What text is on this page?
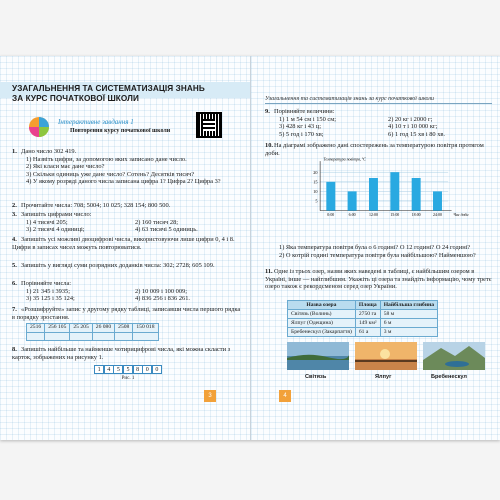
УЗАГАЛЬНЕННЯ ТА СИСТЕМАТИЗАЦІЯ ЗНАНЬ
ЗА КУРС ПОЧАТКОВОЇ ШКОЛИ
Інтерактивне завдання 1
Повторення курсу початкової школи
1. Дано число 302 419.
1) Назвіть цифри, за допомогою яких записано дане число.
2) Які класи має дане число?
3) Скільки одиниць уже дане число? Сотень? Десятків тисяч?
4) У якому розряді даного числа записана цифра 1? Цифра 2? Цифра 3?
2. Прочитайте числа: 708; 5004; 10 025; 328 154; 800 500.
3. Запишіть цифрами число:
1) 4 тисячі 205;	2) 160 тисяч 28;
3) 2 тисячі 4 одиниці;	4) 63 тисячі 5 одиниць.
4. Запишіть усі можливі двоцифрові числа, використовуючи лише цифри 0, 4 і 8. Цифри в записах чисел можуть повторюватися.
5. Запишіть у вигляді суми розрядних доданків числа: 302; 2728; 605 109.
6. Порівняйте числа:
1) 21 345 і 3935;	2) 10 009 і 100 009;
3) 35 125 і 35 124;	4) 836 256 і 836 261.
7. «Розшифруйте» запис у другому рядку таблиці, записавши числа першого рядка в порядку зростання.
2516	256 105	25 205	26 080	2508	150 018

8. Запишіть найбільше та найменше чотирицифрові числа, які можна скласти з карток, зображених на рисунку 1.
1 4 5 5 8 0 0
Рис. 1
3
Узагальнення та систематизація знань за курс початкової школи
9. Порівняйте величини:
1) 1 м 54 см і 150 см;	2) 20 кг і 2000 г;
3) 428 кг і 43 ц;	4) 10 т і 10 000 кг;
5) 5 год і 170 хв;	6) 1 год 15 хв і 80 хв.
10.На діаграмі зображено дані спостережень за температурою повітря протягом доби.
5
10
15
20
Температура повітря, °С
0:00	6:00	12:00	15:00	18:00	24:00 Час доби
1) Яка температура повітря була о 6 годині? О 12 годині? О 24 годині?
2) О котрій годині температура повітря була найбільшою? Найменшою?
11.Одне із трьох озер, назви яких наведені в таблиці, є найбільшим озером в Україні, інше — найглибшим. Укажіть ці озера та знайдіть інформацію, чому третє озеро також є рекордсменом серед озер України.
Назва озера	Площа	Найбільша глибина
Світязь (Волинь)	2750 га	58 м
Ялпуг (Одещина)	149 км²	6 м
Бребенескул (Закарпаття)	61 а	3 м
Світязь	Ялпуг	Бребенескул
4
